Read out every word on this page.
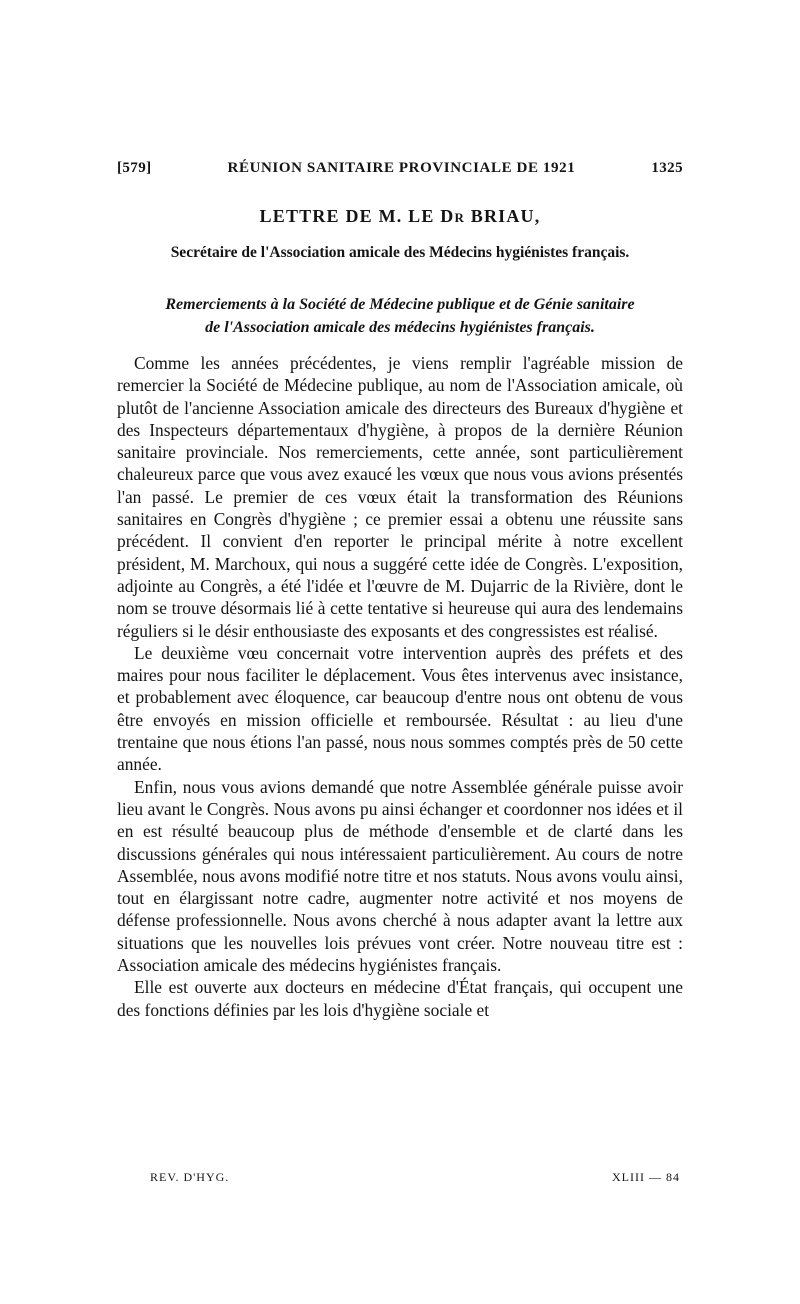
[579]	RÉUNION SANITAIRE PROVINCIALE DE 1921	1325
LETTRE DE M. LE Dr BRIAU,
Secrétaire de l'Association amicale des Médecins hygiénistes français.
Remerciements à la Société de Médecine publique et de Génie sanitaire
de l'Association amicale des médecins hygiénistes français.

Comme les années précédentes, je viens remplir l'agréable mission de remercier la Société de Médecine publique, au nom de l'Association amicale, où plutôt de l'ancienne Association amicale des directeurs des Bureaux d'hygiène et des Inspecteurs départementaux d'hygiène, à propos de la dernière Réunion sanitaire provinciale. Nos remerciements, cette année, sont particulièrement chaleureux parce que vous avez exaucé les vœux que nous vous avions présentés l'an passé. Le premier de ces vœux était la transformation des Réunions sanitaires en Congrès d'hygiène ; ce premier essai a obtenu une réussite sans précédent. Il convient d'en reporter le principal mérite à notre excellent président, M. Marchoux, qui nous a suggéré cette idée de Congrès. L'exposition, adjointe au Congrès, a été l'idée et l'œuvre de M. Dujarric de la Rivière, dont le nom se trouve désormais lié à cette tentative si heureuse qui aura des lendemains réguliers si le désir enthousiaste des exposants et des congressistes est réalisé.

Le deuxième vœu concernait votre intervention auprès des préfets et des maires pour nous faciliter le déplacement. Vous êtes intervenus avec insistance, et probablement avec éloquence, car beaucoup d'entre nous ont obtenu de vous être envoyés en mission officielle et remboursée. Résultat : au lieu d'une trentaine que nous étions l'an passé, nous nous sommes comptés près de 50 cette année.

Enfin, nous vous avions demandé que notre Assemblée générale puisse avoir lieu avant le Congrès. Nous avons pu ainsi échanger et coordonner nos idées et il en est résulté beaucoup plus de méthode d'ensemble et de clarté dans les discussions générales qui nous intéressaient particulièrement. Au cours de notre Assemblée, nous avons modifié notre titre et nos statuts. Nous avons voulu ainsi, tout en élargissant notre cadre, augmenter notre activité et nos moyens de défense professionnelle. Nous avons cherché à nous adapter avant la lettre aux situations que les nouvelles lois prévues vont créer. Notre nouveau titre est : Association amicale des médecins hygiénistes français.

Elle est ouverte aux docteurs en médecine d'État français, qui occupent une des fonctions définies par les lois d'hygiène sociale et

REV. D'HYG.	XLIII — 84
